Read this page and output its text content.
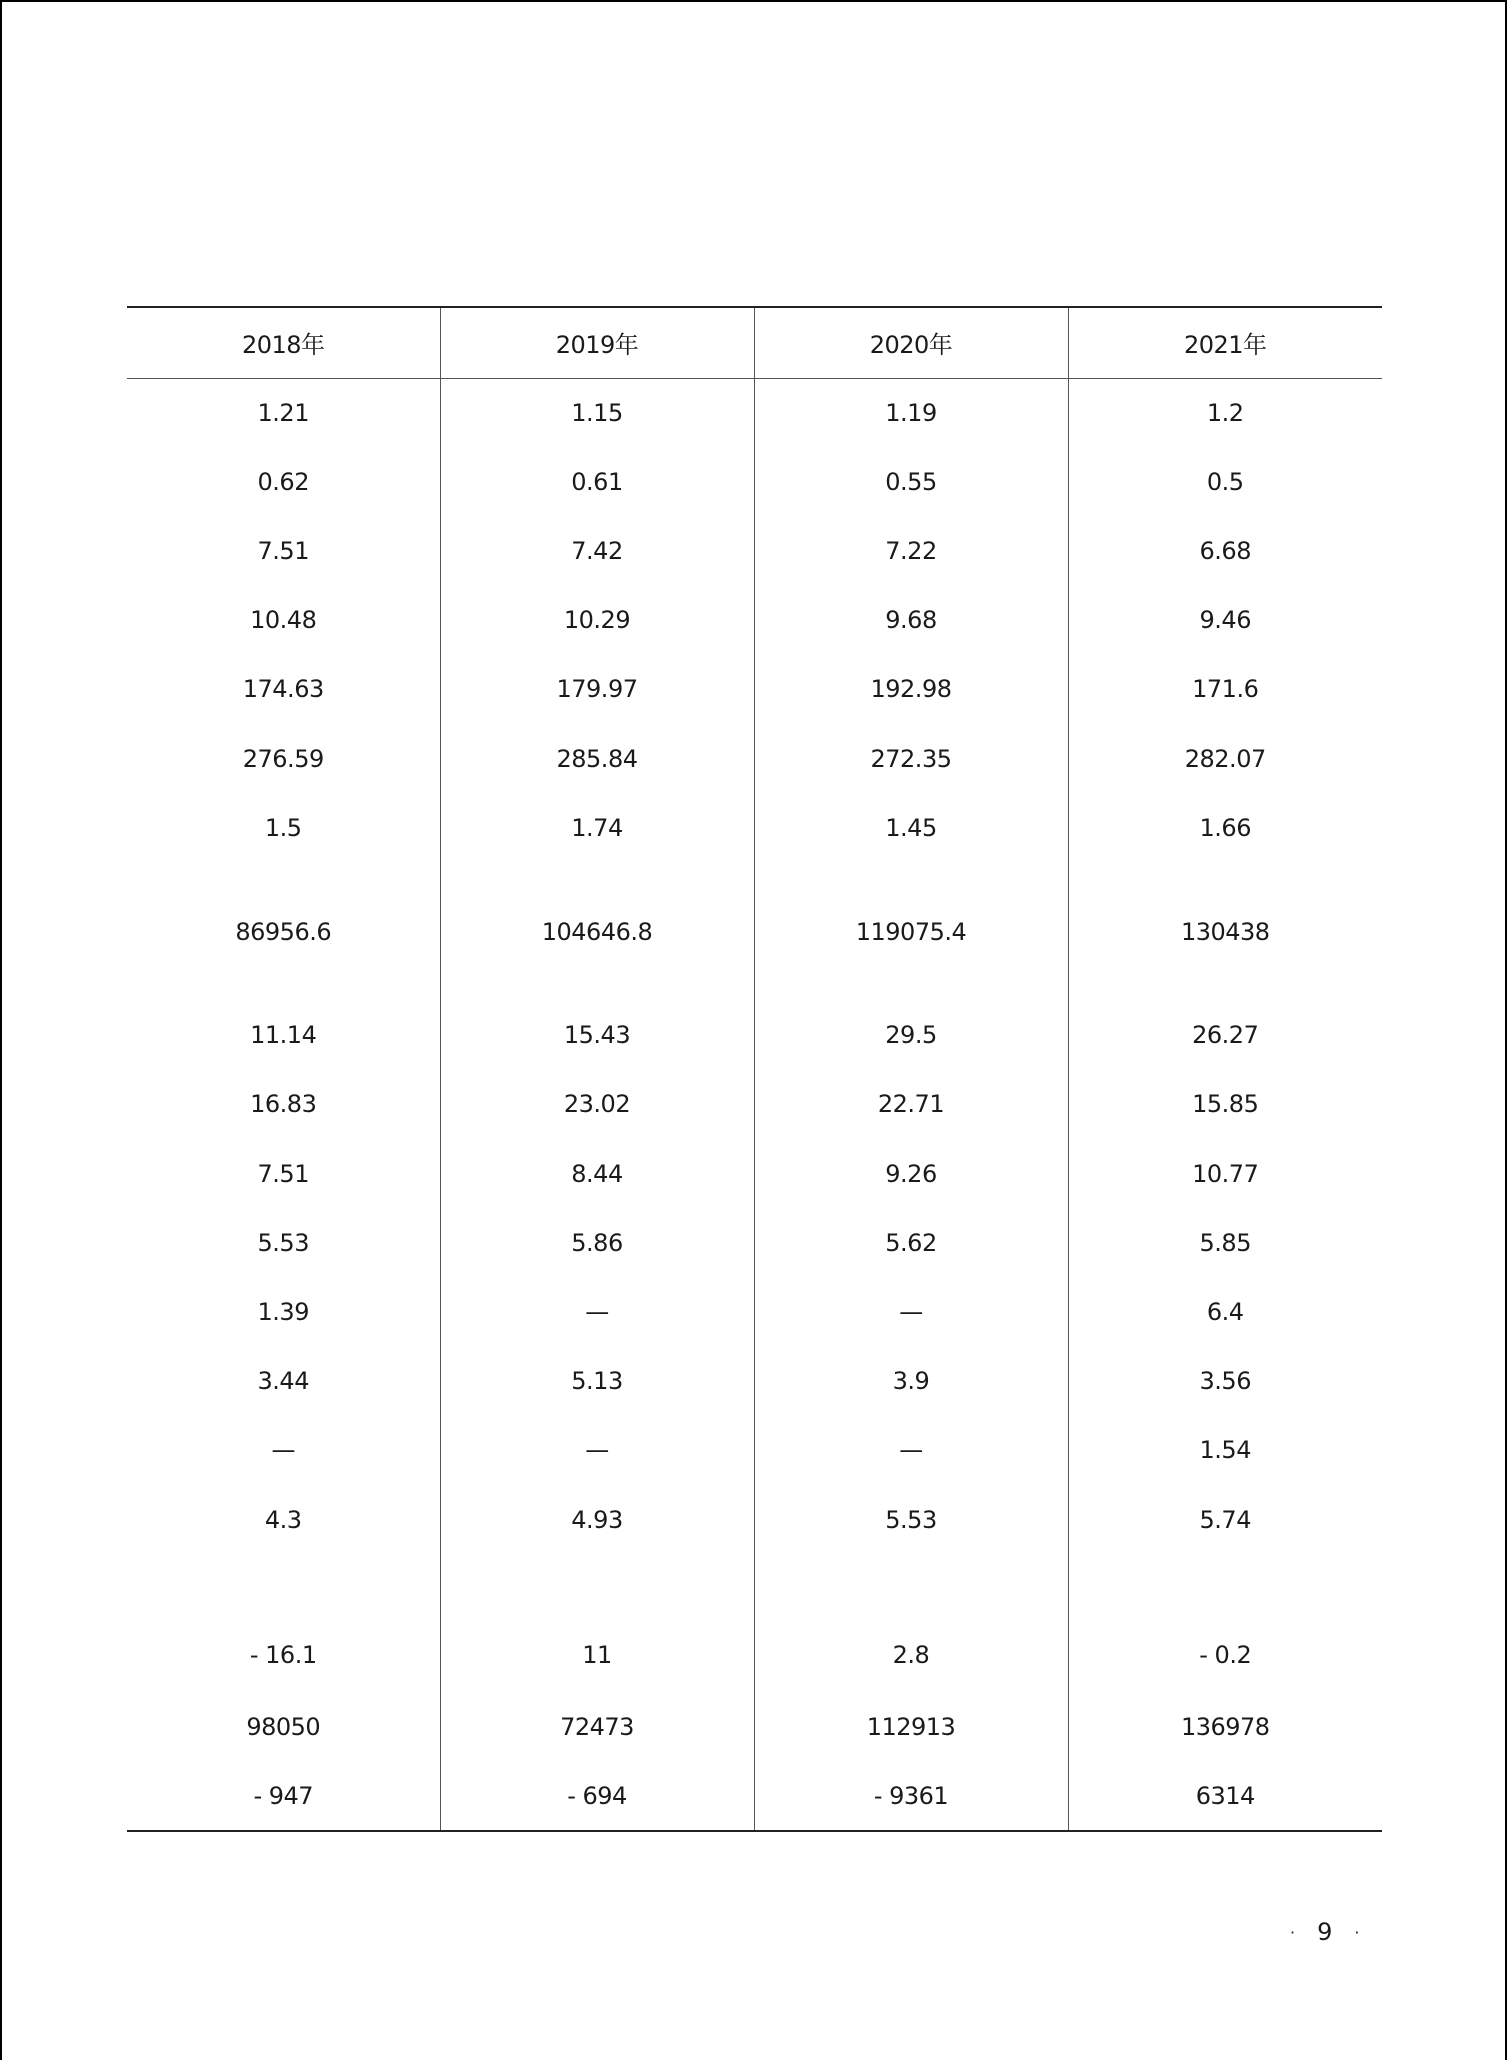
2018年	2019年	2020年	2021年
1.21	1.15	1.19	1.2
0.62	0.61	0.55	0.5
7.51	7.42	7.22	6.68
10.48	10.29	9.68	9.46
174.63	179.97	192.98	171.6
276.59	285.84	272.35	282.07
1.5	1.74	1.45	1.66
86956.6	104646.8	119075.4	130438
11.14	15.43	29.5	26.27
16.83	23.02	22.71	15.85
7.51	8.44	9.26	10.77
5.53	5.86	5.62	5.85
1.39	—	—	6.4
3.44	5.13	3.9	3.56
—	—	—	1.54
4.3	4.93	5.53	5.74
- 16.1	11	2.8	- 0.2
98050	72473	112913	136978
- 947	- 694	- 9361	6314
· 9 ·
